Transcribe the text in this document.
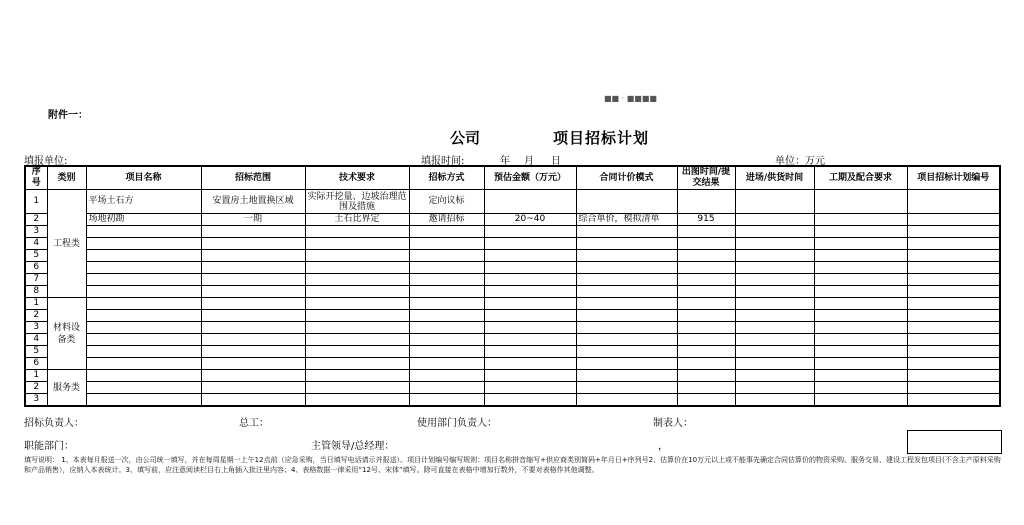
附件一：
■■ · ■■■■
公司	项目招标计划
填报单位:	填报时间:	年 月 日	单位：万元
序号	类别	项目名称	招标范围	技术要求	招标方式	预估金额（万元）	合同计价模式	出图时间/提交结果	进场/供货时间	工期及配合要求	项目招标计划编号
1	工程类	平场土石方	安置房土地置换区域	实际开挖量、边坡治理范围及措施	定向议标						
2		场地初勘	一期	土石比界定	邀请招标	20~40	综合单价，模拟清单	915			
3											
4											
5											
6											
7											
8											
1	材料设备类										
2											
3											
4											
5											
6											
1	服务类										
2											
3											
招标负责人：	总工：	使用部门负责人：	制表人：
职能部门：	主管领导/总经理：	，
填写说明： 1、本表每月报送一次，由公司统一填写，并在每周星期一上午12点前（应急采购，当日填写电话请示并报送）。项目计划编号编写规则：项目名称拼音缩写+供应商类别简码+年月日+序列号2、估算价在10万元以上或不能事先确定合同估算价的物资采购、服务交易、建设工程发包项目(不含主产原料采购和产品销售），应纳入本表统计。3、填写前，应注意阅读栏目右上角插入批注里内容；4、表格数据一律采用“12号、宋体”填写。除可直接在表格中增加行数外，不要对表格作其他调整。
